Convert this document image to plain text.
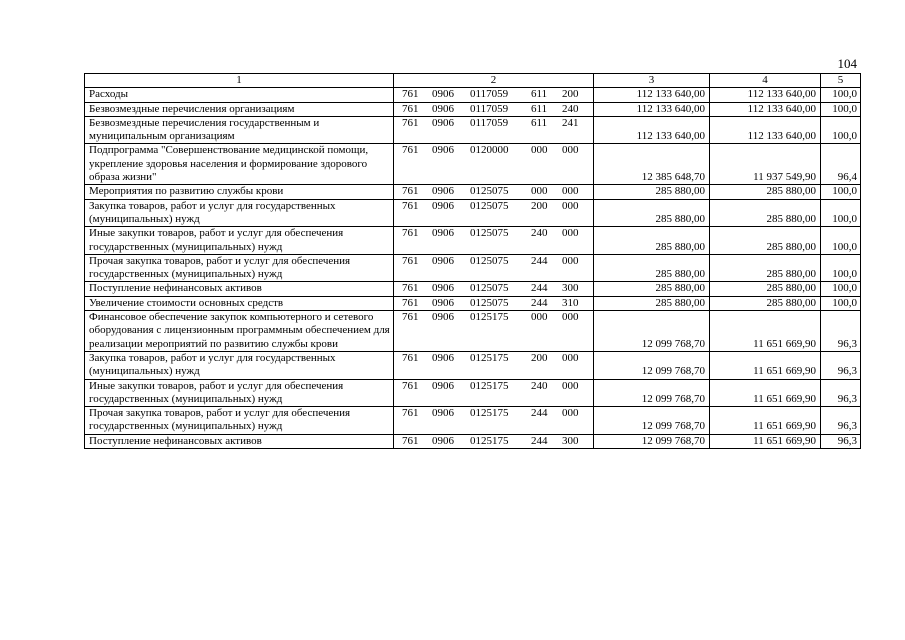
104
1	2	3	4	5
Расходы	761 0906 0117059 611 200	112 133 640,00	112 133 640,00	100,0
Безвозмездные перечисления организациям	761 0906 0117059 611 240	112 133 640,00	112 133 640,00	100,0
Безвозмездные перечисления государственным и муниципальным организациям	761 0906 0117059 611 241	112 133 640,00	112 133 640,00	100,0
Подпрограмма "Совершенствование медицинской помощи, укрепление здоровья населения и формирование здорового образа жизни"	761 0906 0120000 000 000	12 385 648,70	11 937 549,90	96,4
Мероприятия по развитию службы крови	761 0906 0125075 000 000	285 880,00	285 880,00	100,0
Закупка товаров, работ и услуг для государственных (муниципальных) нужд	761 0906 0125075 200 000	285 880,00	285 880,00	100,0
Иные закупки товаров, работ и услуг для обеспечения государственных (муниципальных) нужд	761 0906 0125075 240 000	285 880,00	285 880,00	100,0
Прочая закупка товаров, работ и услуг для обеспечения государственных (муниципальных) нужд	761 0906 0125075 244 000	285 880,00	285 880,00	100,0
Поступление нефинансовых активов	761 0906 0125075 244 300	285 880,00	285 880,00	100,0
Увеличение стоимости основных средств	761 0906 0125075 244 310	285 880,00	285 880,00	100,0
Финансовое обеспечение закупок компьютерного и сетевого оборудования с лицензионным программным обеспечением для реализации мероприятий по развитию службы крови	761 0906 0125175 000 000	12 099 768,70	11 651 669,90	96,3
Закупка товаров, работ и услуг для государственных (муниципальных) нужд	761 0906 0125175 200 000	12 099 768,70	11 651 669,90	96,3
Иные закупки товаров, работ и услуг для обеспечения государственных (муниципальных) нужд	761 0906 0125175 240 000	12 099 768,70	11 651 669,90	96,3
Прочая закупка товаров, работ и услуг для обеспечения государственных (муниципальных) нужд	761 0906 0125175 244 000	12 099 768,70	11 651 669,90	96,3
Поступление нефинансовых активов	761 0906 0125175 244 300	12 099 768,70	11 651 669,90	96,3
